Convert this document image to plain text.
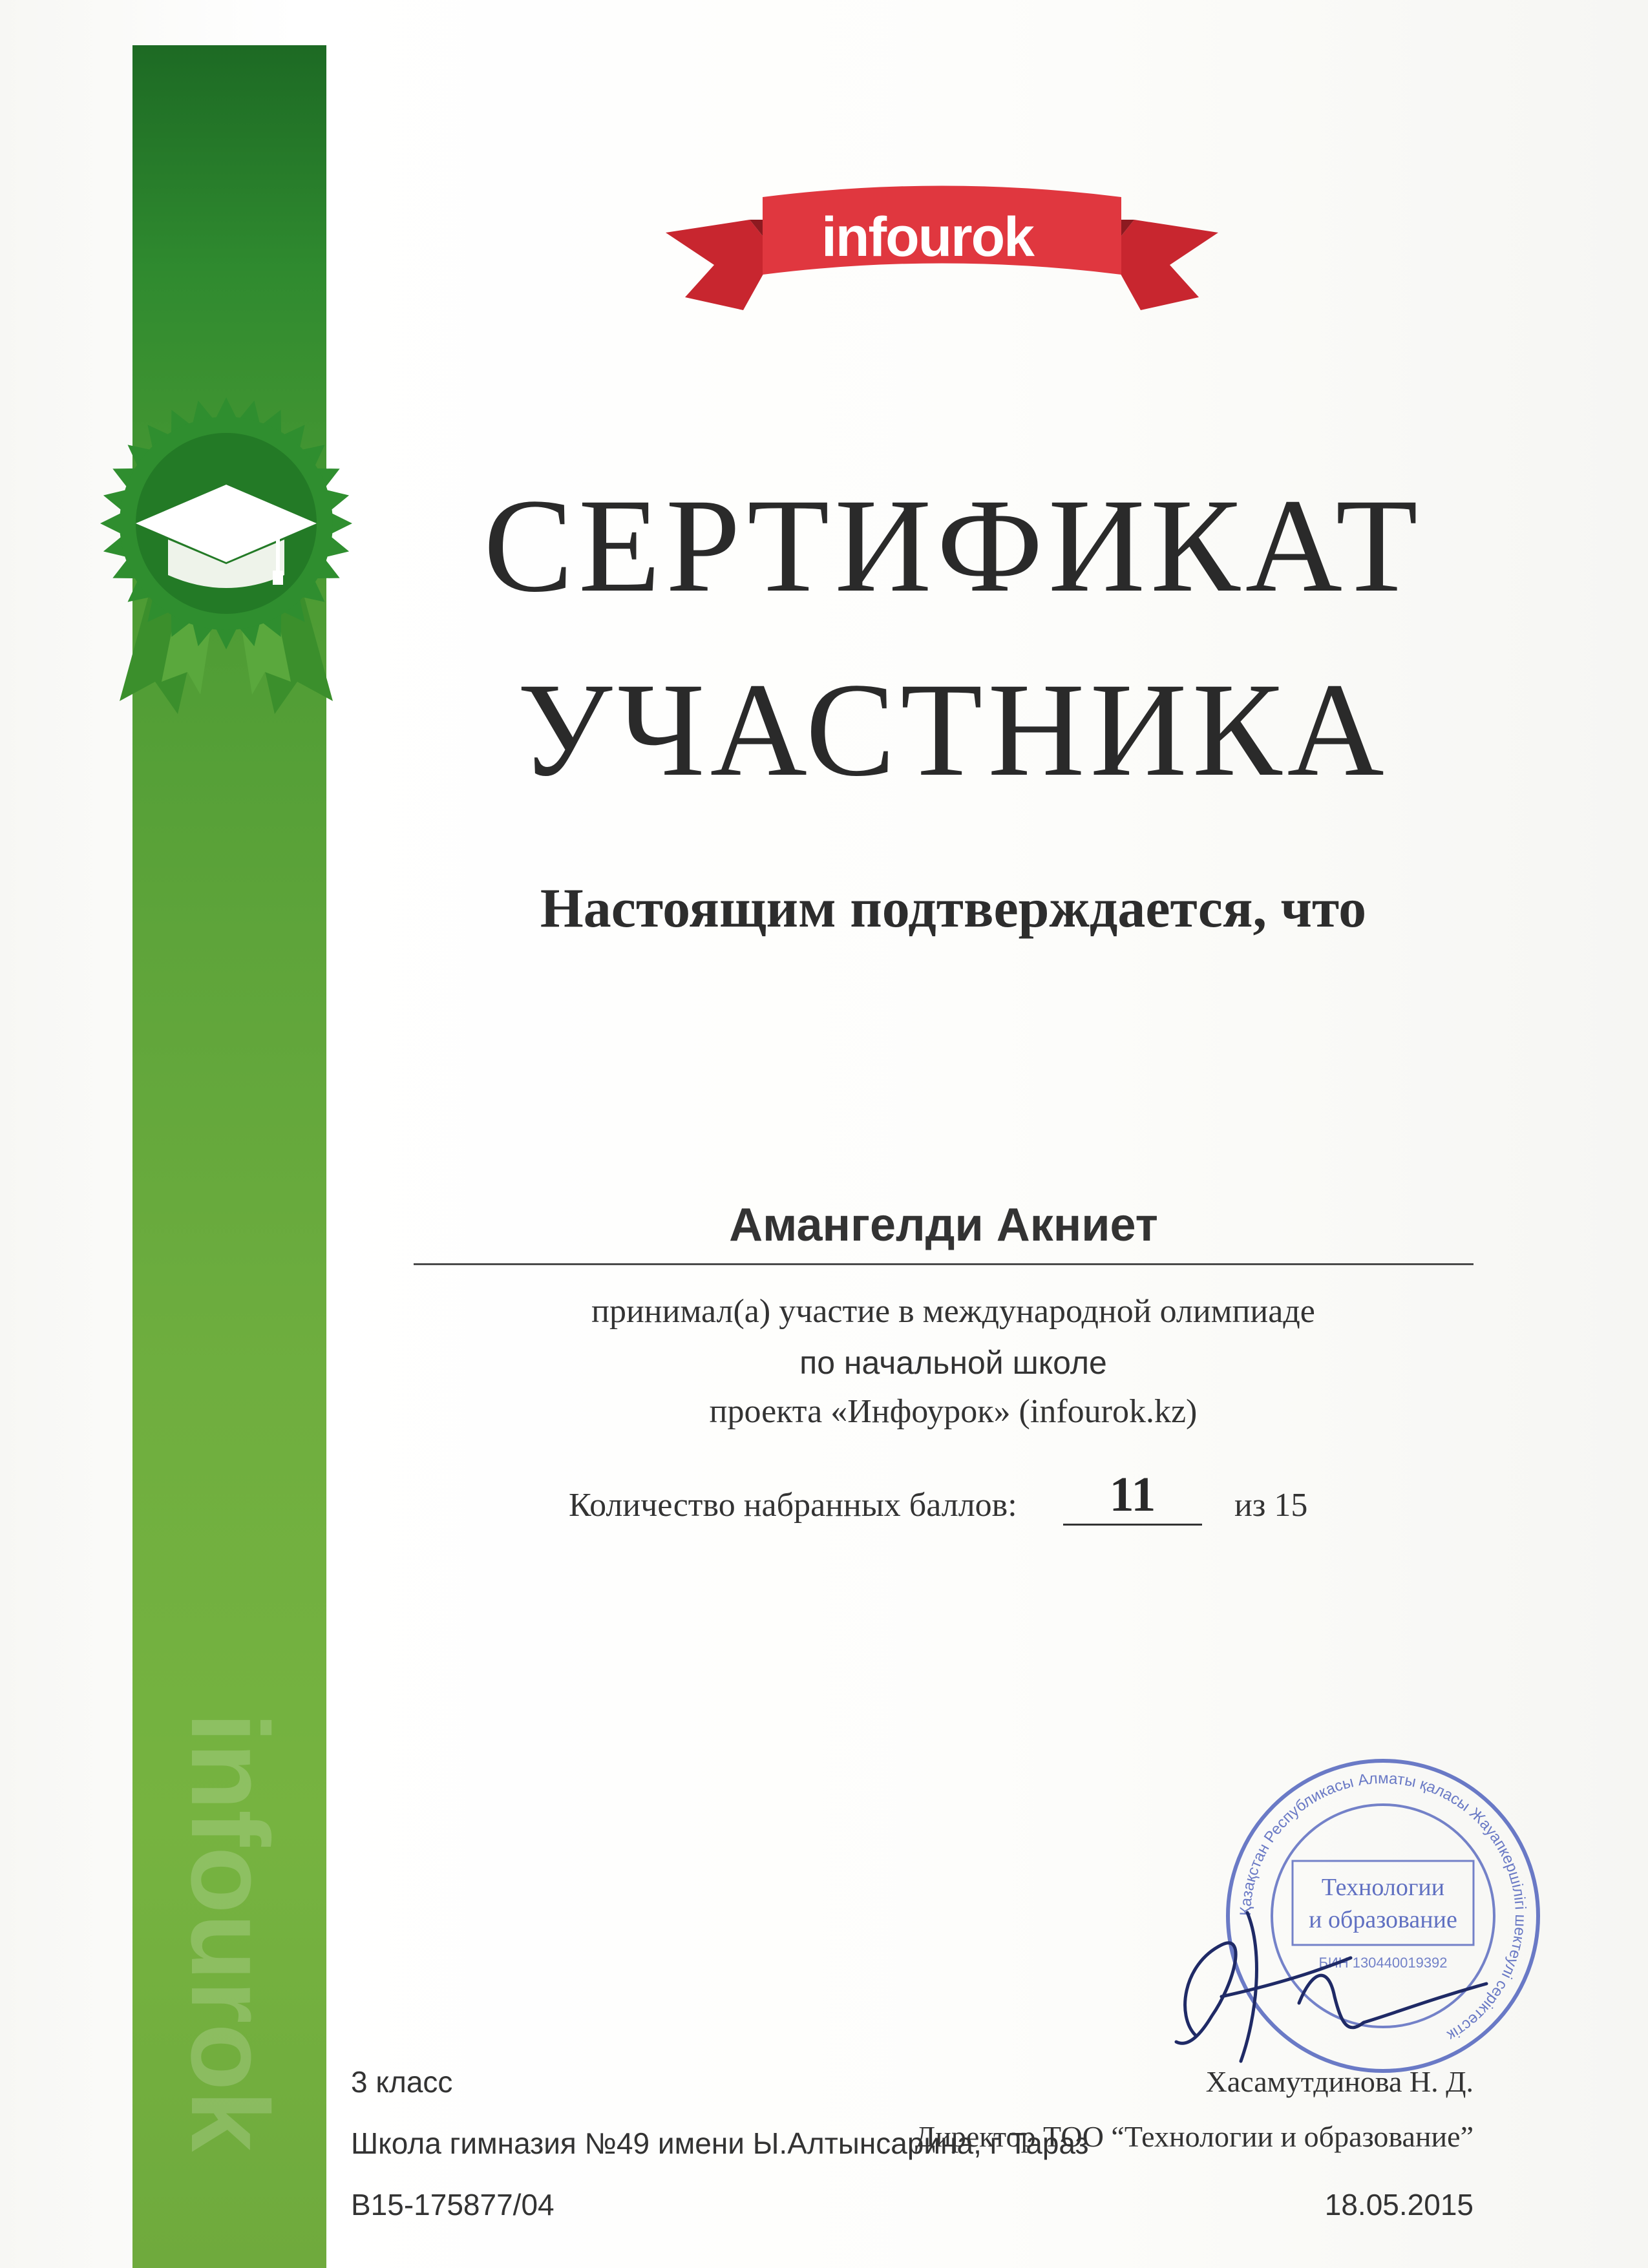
infourok
infourok
СЕРТИФИКАТ
УЧАСТНИКА
Настоящим подтверждается, что
Амангелди Акниет
принимал(а) участие в международной олимпиаде
по начальной школе
проекта «Инфоурок» (infourok.kz)
Количество набранных баллов:	11	из 15
Қазақстан Республикасы Алматы қаласы Жауапкершілігі шектеулі серіктестік
Технологии
и образование
БИН 130440019392
3 класс
Школа гимназия №49 имени Ы.Алтынсарина, г Тараз
B15-175877/04
Хасамутдинова Н. Д.
Директор ТОО “Технологии и образование”
18.05.2015
